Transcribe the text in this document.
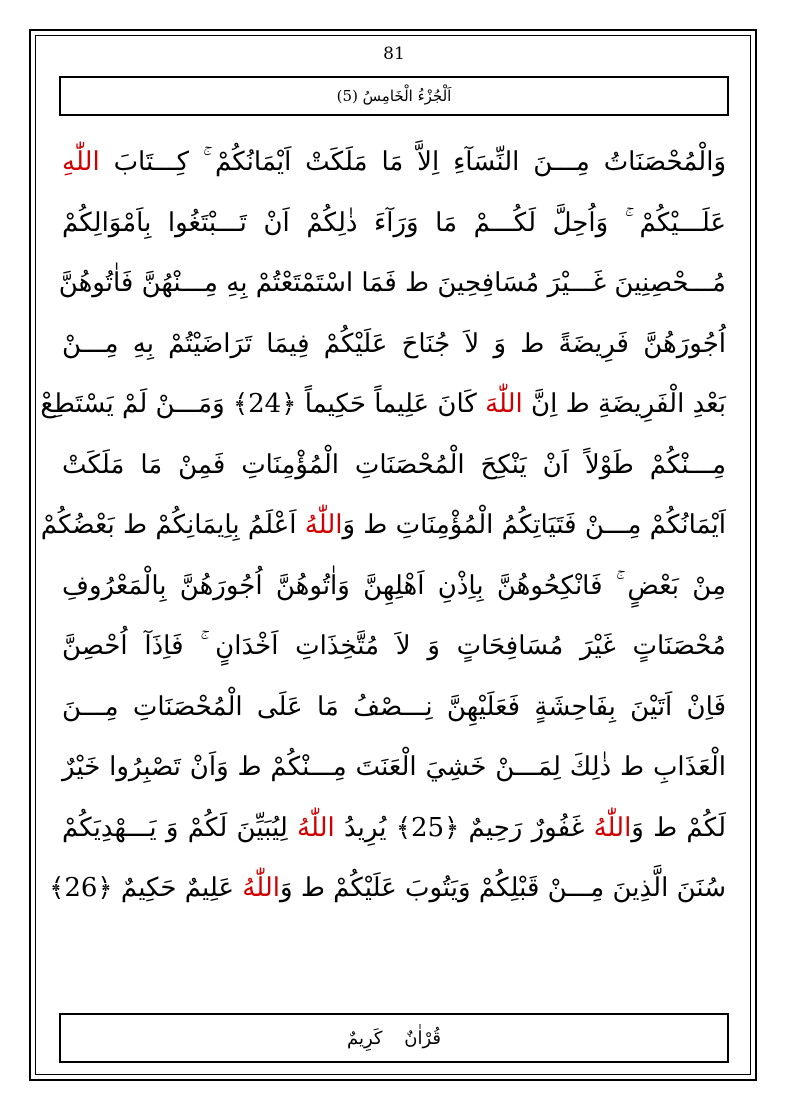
81
اَلْجُزْءُ الْخَامِسُ (5)
وَالْمُحْصَنَاتُ مِـــنَ النِّسَآءِ اِلاَّ مَا مَلَكَتْ اَيْمَانُكُمْ ۚ كِـــتَابَ اللّٰهِ
عَلَـــيْكُمْ ۚ وَاُحِلَّ لَكُـــمْ مَا وَرَآءَ ذٰلِكُمْ اَنْ تَـــبْتَغُوا بِاَمْوَالِكُمْ
مُـــحْصِنِينَ غَـــيْرَ مُسَافِحِينَ ط فَمَا اسْتَمْتَعْتُمْ بِهِ مِـــنْهُنَّ فَاٰتُوهُنَّ
اُجُورَهُنَّ فَرِيضَةً ط وَ لاَ جُنَاحَ عَلَيْكُمْ فِيمَا تَرَاضَيْتُمْ بِهِ مِـــنْ
بَعْدِ الْفَرِيضَةِ ط اِنَّ اللّٰهَ كَانَ عَلِيماً حَكِيماً ﴿24﴾ وَمَـــنْ لَمْ يَسْتَطِعْ
مِـــنْكُمْ طَوْلاً اَنْ يَنْكِحَ الْمُحْصَنَاتِ الْمُؤْمِنَاتِ فَمِنْ مَا مَلَكَتْ
اَيْمَانُكُمْ مِـــنْ فَتَيَاتِكُمُ الْمُؤْمِنَاتِ ط وَاللّٰهُ اَعْلَمُ بِاِيمَانِكُمْ ط بَعْضُكُمْ
مِنْ بَعْضٍ ۚ فَانْكِحُوهُنَّ بِاِذْنِ اَهْلِهِنَّ وَاٰتُوهُنَّ اُجُورَهُنَّ بِالْمَعْرُوفِ
مُحْصَنَاتٍ غَيْرَ مُسَافِحَاتٍ وَ لاَ مُتَّخِذَاتِ اَخْدَانٍ ۚ فَاِذَآ اُحْصِنَّ
فَاِنْ اَتَيْنَ بِفَاحِشَةٍ فَعَلَيْهِنَّ نِـــصْفُ مَا عَلَى الْمُحْصَنَاتِ مِـــنَ
الْعَذَابِ ط ذٰلِكَ لِمَـــنْ خَشِيَ الْعَنَتَ مِـــنْكُمْ ط وَاَنْ تَصْبِرُوا خَيْرٌ
لَكُمْ ط وَاللّٰهُ غَفُورٌ رَحِيمٌ ﴿25﴾ يُرِيدُ اللّٰهُ لِيُبَيِّنَ لَكُمْ وَ يَـــهْدِيَكُمْ
سُنَنَ الَّذِينَ مِـــنْ قَبْلِكُمْ وَيَتُوبَ عَلَيْكُمْ ط وَاللّٰهُ عَلِيمٌ حَكِيمٌ ﴿26﴾
قُرْاٰنٌ كَرِيمٌ
